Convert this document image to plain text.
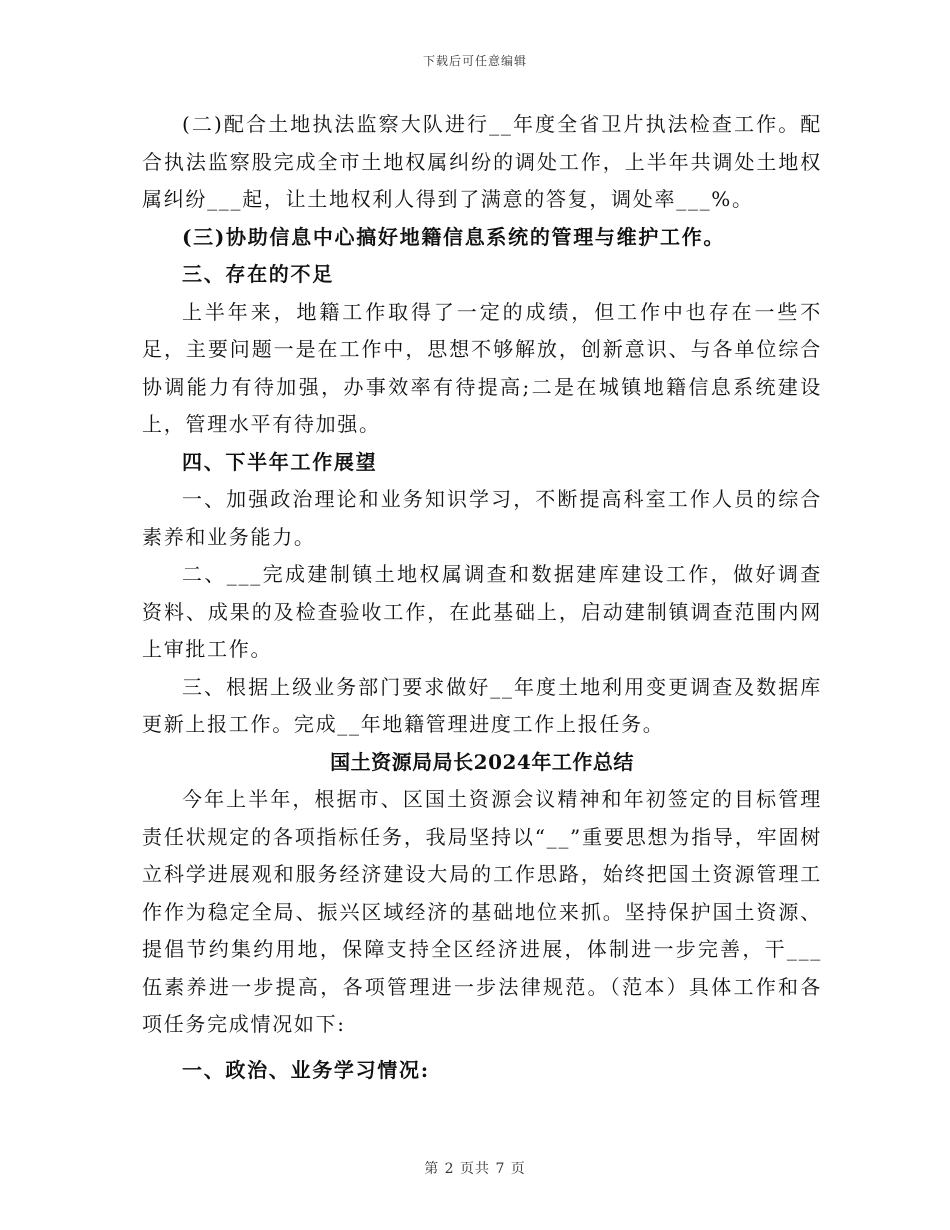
下载后可任意编辑

(二)配合土地执法监察大队进行__年度全省卫片执法检查工作。配合执法监察股完成全市土地权属纠纷的调处工作，上半年共调处土地权属纠纷___起，让土地权利人得到了满意的答复，调处率___%。

(三)协助信息中心搞好地籍信息系统的管理与维护工作。

三、存在的不足

上半年来，地籍工作取得了一定的成绩，但工作中也存在一些不足，主要问题一是在工作中，思想不够解放，创新意识、与各单位综合协调能力有待加强，办事效率有待提高;二是在城镇地籍信息系统建设上，管理水平有待加强。

四、下半年工作展望

一、加强政治理论和业务知识学习，不断提高科室工作人员的综合素养和业务能力。

二、___完成建制镇土地权属调查和数据建库建设工作，做好调查资料、成果的及检查验收工作，在此基础上，启动建制镇调查范围内网上审批工作。

三、根据上级业务部门要求做好__年度土地利用变更调查及数据库更新上报工作。完成__年地籍管理进度工作上报任务。

国土资源局局长2024年工作总结

今年上半年，根据市、区国土资源会议精神和年初签定的目标管理责任状规定的各项指标任务，我局坚持以“__”重要思想为指导，牢固树立科学进展观和服务经济建设大局的工作思路，始终把国土资源管理工作作为稳定全局、振兴区域经济的基础地位来抓。坚持保护国土资源、提倡节约集约用地，保障支持全区经济进展，体制进一步完善，干___伍素养进一步提高，各项管理进一步法律规范。（范本）具体工作和各项任务完成情况如下:

一、政治、业务学习情况:

第 2 页共 7 页
